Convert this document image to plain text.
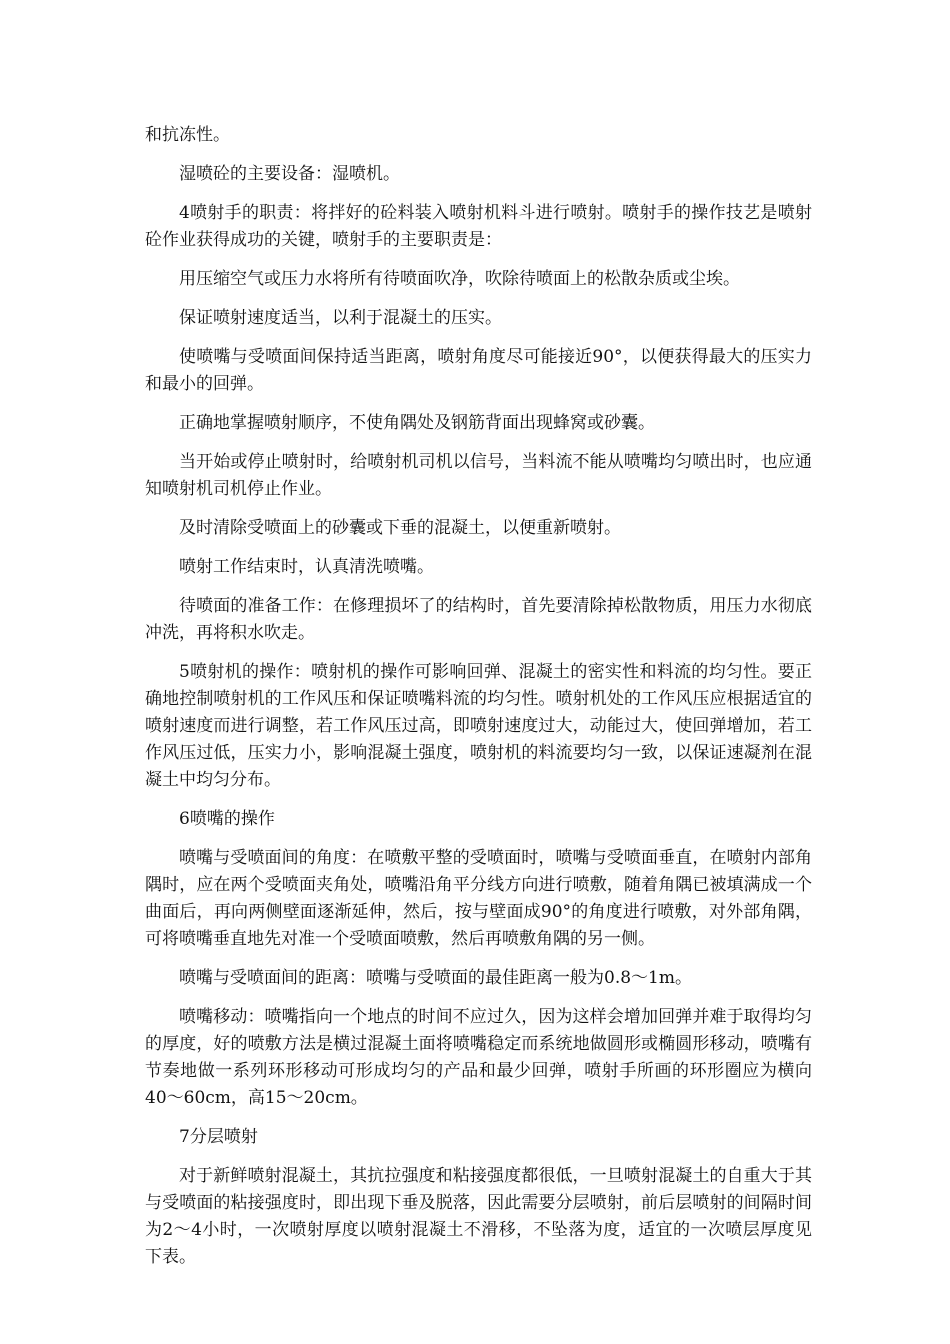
和抗冻性。

湿喷砼的主要设备：湿喷机。

4喷射手的职责：将拌好的砼料装入喷射机料斗进行喷射。喷射手的操作技艺是喷射砼作业获得成功的关键，喷射手的主要职责是：

用压缩空气或压力水将所有待喷面吹净，吹除待喷面上的松散杂质或尘埃。

保证喷射速度适当，以利于混凝土的压实。

使喷嘴与受喷面间保持适当距离，喷射角度尽可能接近90°，以便获得最大的压实力和最小的回弹。

正确地掌握喷射顺序，不使角隅处及钢筋背面出现蜂窝或砂囊。

当开始或停止喷射时，给喷射机司机以信号，当料流不能从喷嘴均匀喷出时，也应通知喷射机司机停止作业。

及时清除受喷面上的砂囊或下垂的混凝土，以便重新喷射。

喷射工作结束时，认真清洗喷嘴。

待喷面的准备工作：在修理损坏了的结构时，首先要清除掉松散物质，用压力水彻底冲洗，再将积水吹走。

5喷射机的操作：喷射机的操作可影响回弹、混凝土的密实性和料流的均匀性。要正确地控制喷射机的工作风压和保证喷嘴料流的均匀性。喷射机处的工作风压应根据适宜的喷射速度而进行调整，若工作风压过高，即喷射速度过大，动能过大，使回弹增加，若工作风压过低，压实力小，影响混凝土强度，喷射机的料流要均匀一致，以保证速凝剂在混凝土中均匀分布。

6喷嘴的操作

喷嘴与受喷面间的角度：在喷敷平整的受喷面时，喷嘴与受喷面垂直，在喷射内部角隅时，应在两个受喷面夹角处，喷嘴沿角平分线方向进行喷敷，随着角隅已被填满成一个曲面后，再向两侧壁面逐渐延伸，然后，按与壁面成90°的角度进行喷敷，对外部角隅，可将喷嘴垂直地先对准一个受喷面喷敷，然后再喷敷角隅的另一侧。

喷嘴与受喷面间的距离：喷嘴与受喷面的最佳距离一般为0.8～1m。

喷嘴移动：喷嘴指向一个地点的时间不应过久，因为这样会增加回弹并难于取得均匀的厚度，好的喷敷方法是横过混凝土面将喷嘴稳定而系统地做圆形或椭圆形移动，喷嘴有节奏地做一系列环形移动可形成均匀的产品和最少回弹，喷射手所画的环形圈应为横向40～60cm，高15～20cm。

7分层喷射

对于新鲜喷射混凝土，其抗拉强度和粘接强度都很低，一旦喷射混凝土的自重大于其与受喷面的粘接强度时，即出现下垂及脱落，因此需要分层喷射，前后层喷射的间隔时间为2～4小时，一次喷射厚度以喷射混凝土不滑移，不坠落为度，适宜的一次喷层厚度见下表。
